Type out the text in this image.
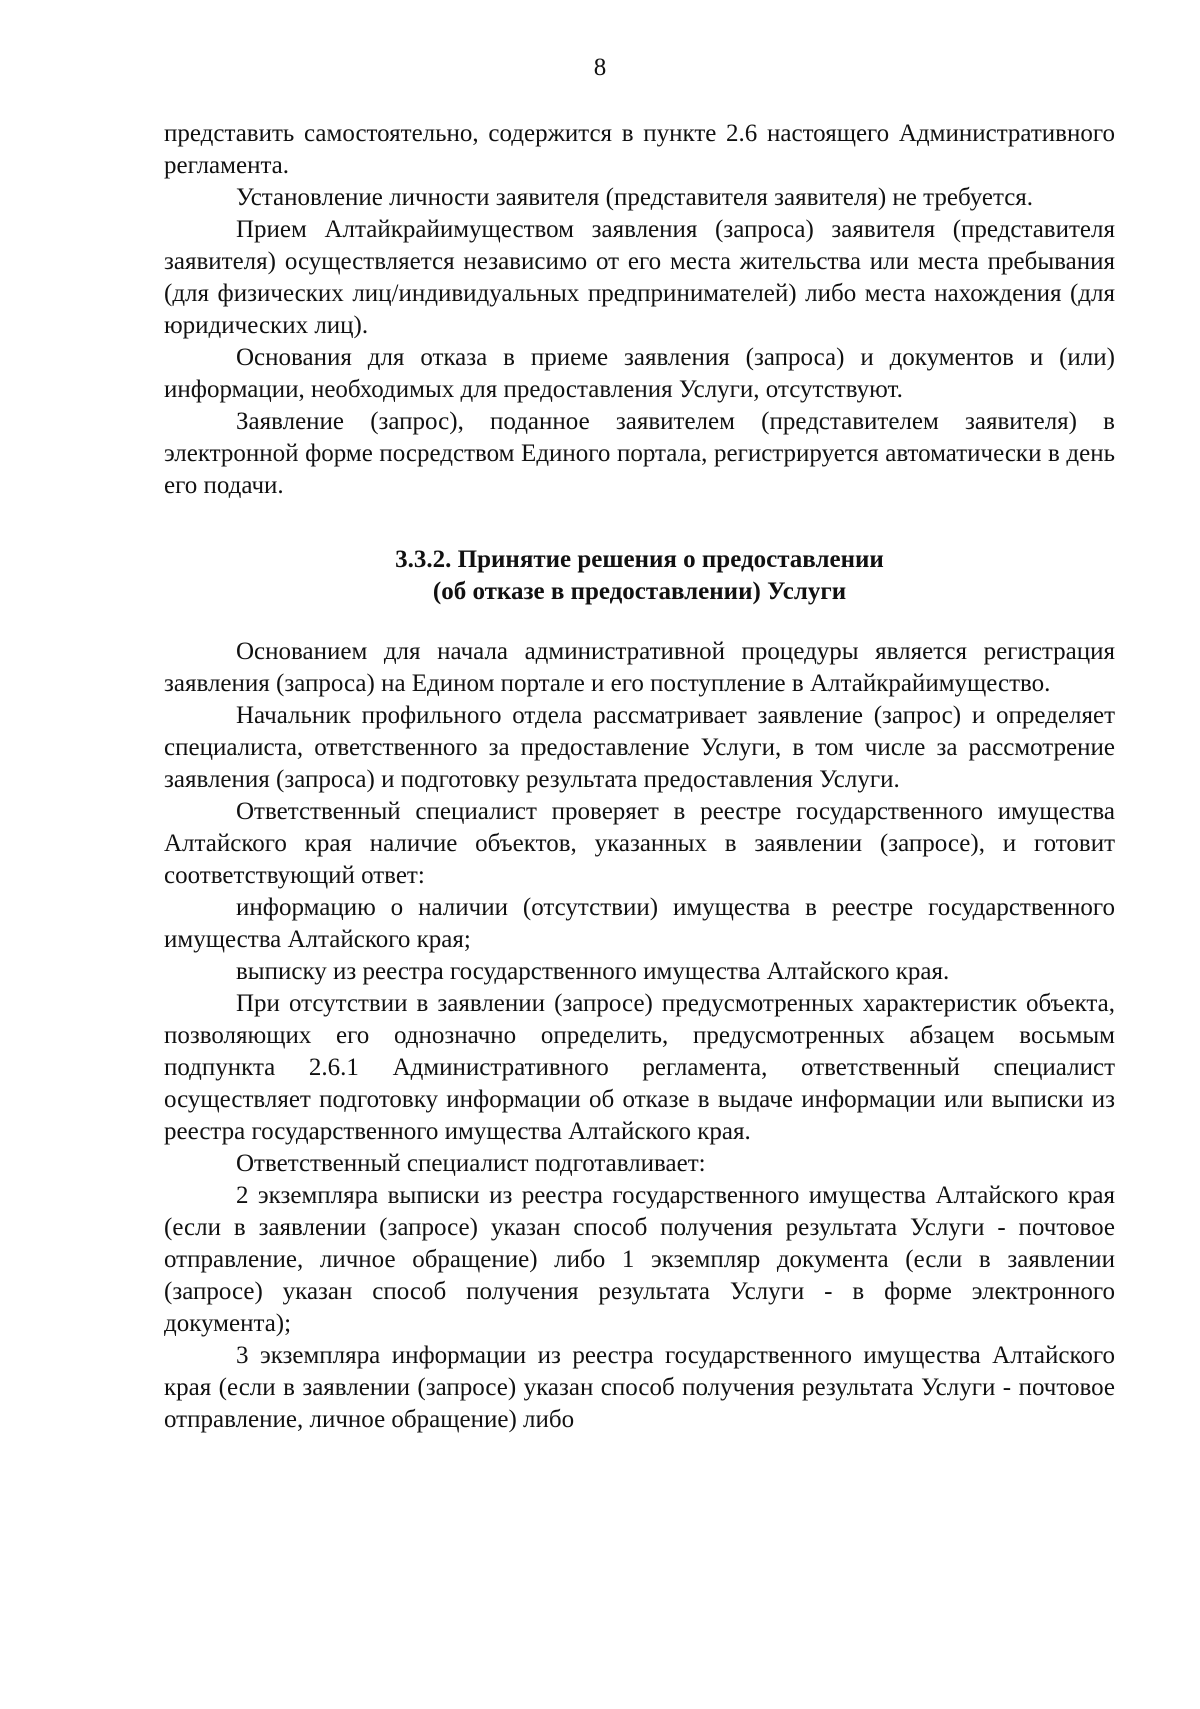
8

представить самостоятельно, содержится в пункте 2.6 настоящего Административного регламента.

Установление личности заявителя (представителя заявителя) не требуется.

Прием Алтайкрайимуществом заявления (запроса) заявителя (представителя заявителя) осуществляется независимо от его места жительства или места пребывания (для физических лиц/индивидуальных предпринимателей) либо места нахождения (для юридических лиц).

Основания для отказа в приеме заявления (запроса) и документов и (или) информации, необходимых для предоставления Услуги, отсутствуют.

Заявление (запрос), поданное заявителем (представителем заявителя) в электронной форме посредством Единого портала, регистрируется автоматически в день его подачи.

3.3.2. Принятие решения о предоставлении
(об отказе в предоставлении) Услуги

Основанием для начала административной процедуры является регистрация заявления (запроса) на Едином портале и его поступление в Алтайкрайимущество.

Начальник профильного отдела рассматривает заявление (запрос) и определяет специалиста, ответственного за предоставление Услуги, в том числе за рассмотрение заявления (запроса) и подготовку результата предоставления Услуги.

Ответственный специалист проверяет в реестре государственного имущества Алтайского края наличие объектов, указанных в заявлении (запросе), и готовит соответствующий ответ:

информацию о наличии (отсутствии) имущества в реестре государственного имущества Алтайского края;

выписку из реестра государственного имущества Алтайского края.

При отсутствии в заявлении (запросе) предусмотренных характеристик объекта, позволяющих его однозначно определить, предусмотренных абзацем восьмым подпункта 2.6.1 Административного регламента, ответственный специалист осуществляет подготовку информации об отказе в выдаче информации или выписки из реестра государственного имущества Алтайского края.

Ответственный специалист подготавливает:

2 экземпляра выписки из реестра государственного имущества Алтайского края (если в заявлении (запросе) указан способ получения результата Услуги - почтовое отправление, личное обращение) либо 1 экземпляр документа (если в заявлении (запросе) указан способ получения результата Услуги - в форме электронного документа);

3 экземпляра информации из реестра государственного имущества Алтайского края (если в заявлении (запросе) указан способ получения результата Услуги - почтовое отправление, личное обращение) либо
